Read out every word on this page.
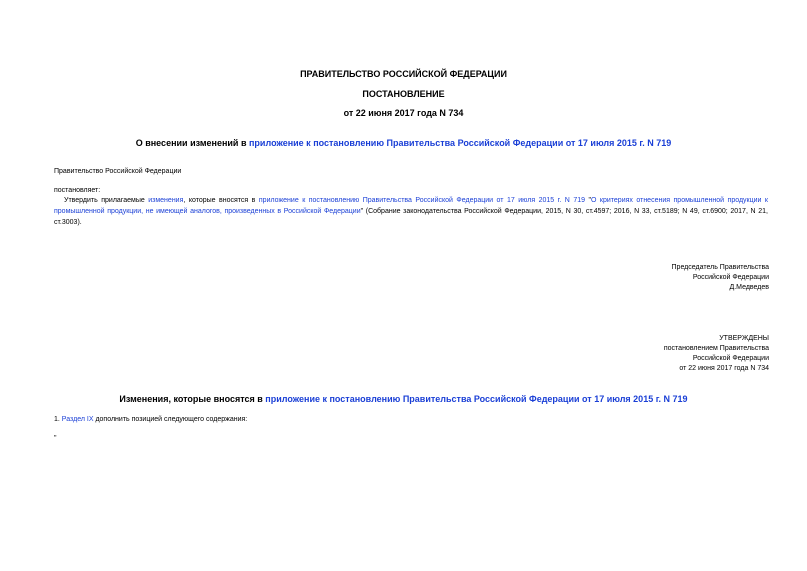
ПРАВИТЕЛЬСТВО РОССИЙСКОЙ ФЕДЕРАЦИИ
ПОСТАНОВЛЕНИЕ
от 22 июня 2017 года N 734
О внесении изменений в приложение к постановлению Правительства Российской Федерации от 17 июля 2015 г. N 719
Правительство Российской Федерации
постановляет:
Утвердить прилагаемые изменения, которые вносятся в приложение к постановлению Правительства Российской Федерации от 17 июля 2015 г. N 719 "О критериях отнесения промышленной продукции к промышленной продукции, не имеющей аналогов, произведенных в Российской Федерации" (Собрание законодательства Российской Федерации, 2015, N 30, ст.4597; 2016, N 33, ст.5189; N 49, ст.6900; 2017, N 21, ст.3003).
Председатель Правительства
Российской Федерации
Д.Медведев
УТВЕРЖДЕНЫ
постановлением Правительства
Российской Федерации
от 22 июня 2017 года N 734
Изменения, которые вносятся в приложение к постановлению Правительства Российской Федерации от 17 июля 2015 г. N 719
1. Раздел IX дополнить позицией следующего содержания:
"
